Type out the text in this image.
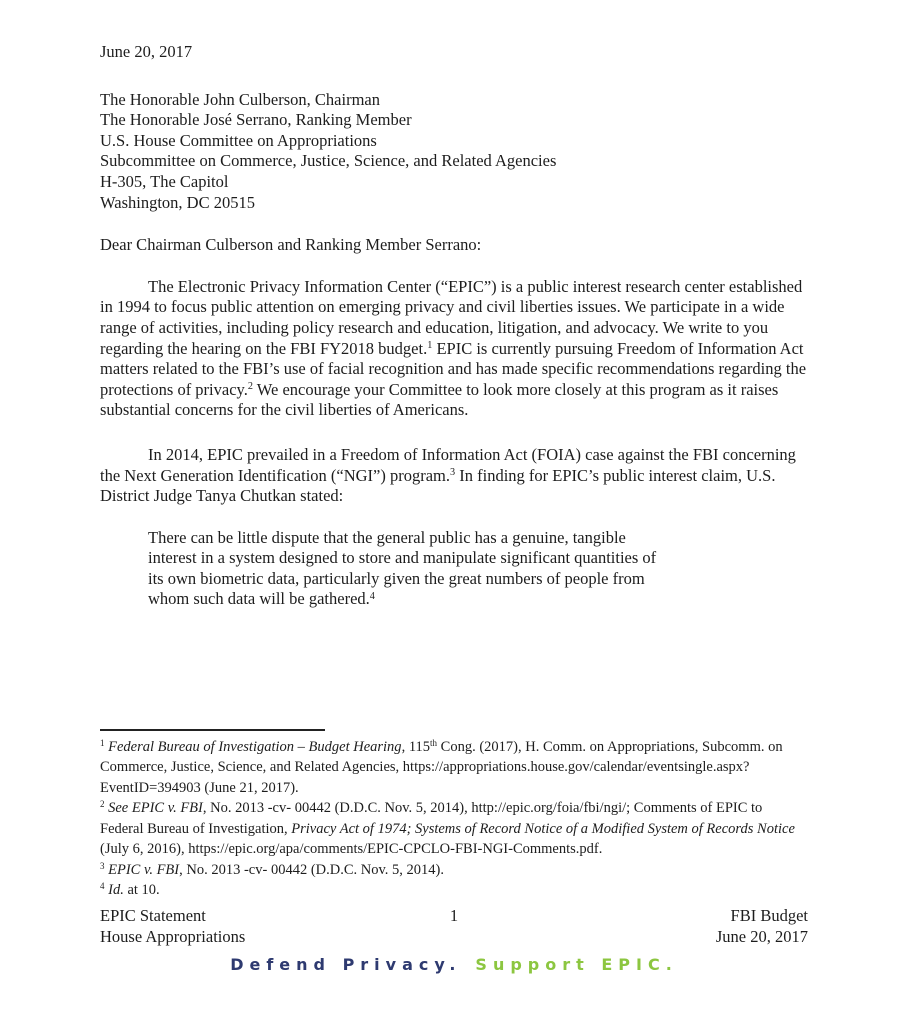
June 20, 2017
The Honorable John Culberson, Chairman
The Honorable José Serrano, Ranking Member
U.S. House Committee on Appropriations
Subcommittee on Commerce, Justice, Science, and Related Agencies
H-305, The Capitol
Washington, DC 20515
Dear Chairman Culberson and Ranking Member Serrano:

The Electronic Privacy Information Center (“EPIC”) is a public interest research center established in 1994 to focus public attention on emerging privacy and civil liberties issues. We participate in a wide range of activities, including policy research and education, litigation, and advocacy. We write to you regarding the hearing on the FBI FY2018 budget.$^1$ EPIC is currently pursuing Freedom of Information Act matters related to the FBI’s use of facial recognition and has made specific recommendations regarding the protections of privacy.$^2$ We encourage your Committee to look more closely at this program as it raises substantial concerns for the civil liberties of Americans.

In 2014, EPIC prevailed in a Freedom of Information Act (FOIA) case against the FBI concerning the Next Generation Identification (“NGI”) program.$^3$ In finding for EPIC’s public interest claim, U.S. District Judge Tanya Chutkan stated:

There can be little dispute that the general public has a genuine, tangible interest in a system designed to store and manipulate significant quantities of its own biometric data, particularly given the great numbers of people from whom such data will be gathered.$^4$
$^1$ Federal Bureau of Investigation – Budget Hearing, 115th Cong. (2017), H. Comm. on Appropriations, Subcomm. on Commerce, Justice, Science, and Related Agencies, https://appropriations.house.gov/calendar/eventsingle.aspx?EventID=394903 (June 21, 2017).
$^2$ See EPIC v. FBI, No. 2013 -cv- 00442 (D.D.C. Nov. 5, 2014), http://epic.org/foia/fbi/ngi/; Comments of EPIC to Federal Bureau of Investigation, Privacy Act of 1974; Systems of Record Notice of a Modified System of Records Notice (July 6, 2016), https://epic.org/apa/comments/EPIC-CPCLO-FBI-NGI-Comments.pdf.
$^3$ EPIC v. FBI, No. 2013 -cv- 00442 (D.D.C. Nov. 5, 2014).
$^4$ Id. at 10.
EPIC Statement
House Appropriations
1	FBI Budget
June 20, 2017
Defend Privacy. Support EPIC.
